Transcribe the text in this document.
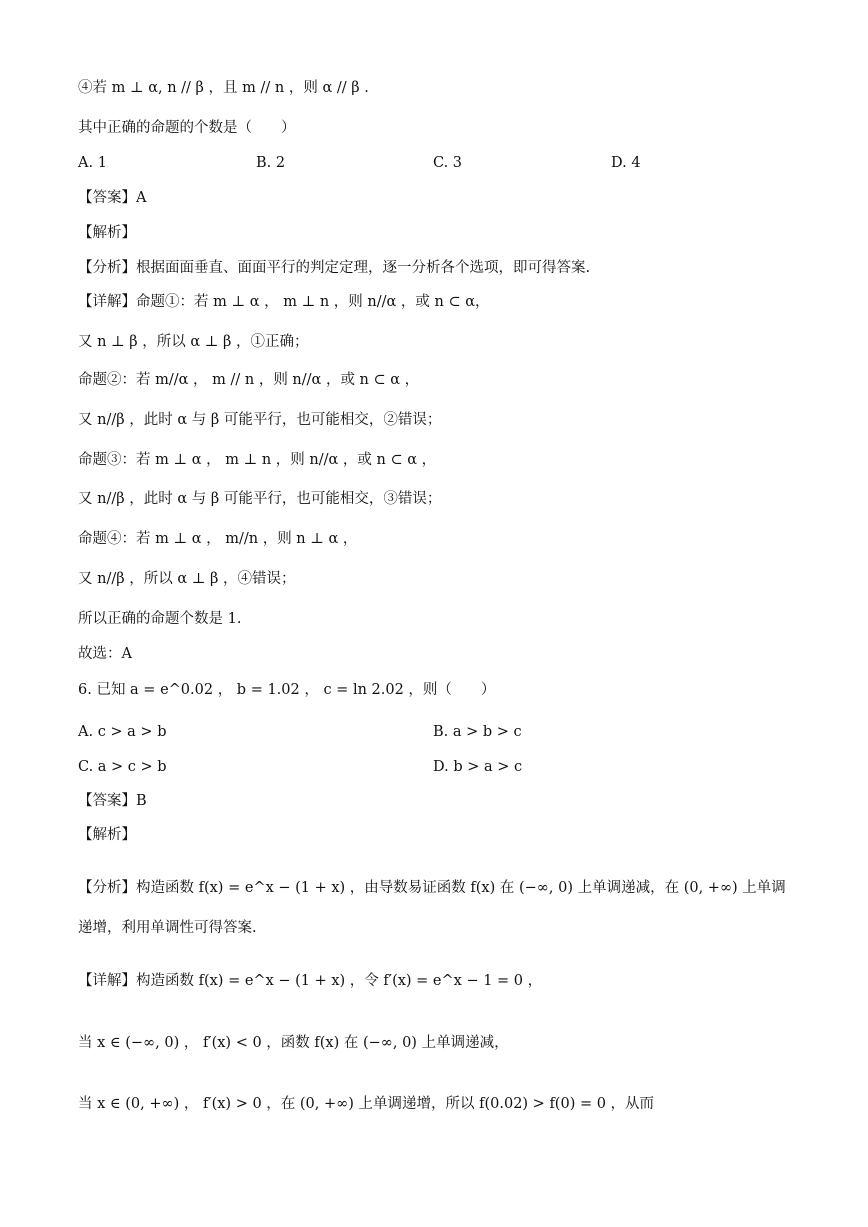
④若 m ⊥ α, n // β ，且 m // n ，则 α // β .
其中正确的命题的个数是（　　）
A. 1	B. 2	C. 3	D. 4
【答案】A
【解析】
【分析】根据面面垂直、面面平行的判定定理，逐一分析各个选项，即可得答案.
【详解】命题①：若 m ⊥ α ， m ⊥ n ，则 n//α ，或 n ⊂ α，
又 n ⊥ β ，所以 α ⊥ β ，①正确；
命题②：若 m//α ， m // n ，则 n//α ，或 n ⊂ α ，
又 n//β ，此时 α 与 β 可能平行，也可能相交，②错误；
命题③：若 m ⊥ α ， m ⊥ n ，则 n//α ，或 n ⊂ α ，
又 n//β ，此时 α 与 β 可能平行，也可能相交，③错误；
命题④：若 m ⊥ α ， m//n ，则 n ⊥ α ，
又 n//β ，所以 α ⊥ β ，④错误；
所以正确的命题个数是 1.
故选：A
6. 已知 a = e^0.02 ， b = 1.02 ， c = ln 2.02 ，则（　　）
A. c > a > b	B. a > b > c
C. a > c > b	D. b > a > c
【答案】B
【解析】
【分析】构造函数 f(x) = e^x − (1 + x) ，由导数易证函数 f(x) 在 (−∞, 0) 上单调递减，在 (0, +∞) 上单调
递增，利用单调性可得答案.
【详解】构造函数 f(x) = e^x − (1 + x) ，令 f′(x) = e^x − 1 = 0 ，
当 x ∈ (−∞, 0) ， f′(x) < 0 ，函数 f(x) 在 (−∞, 0) 上单调递减，
当 x ∈ (0, +∞) ， f′(x) > 0 ，在 (0, +∞) 上单调递增，所以 f(0.02) > f(0) = 0 ，从而
